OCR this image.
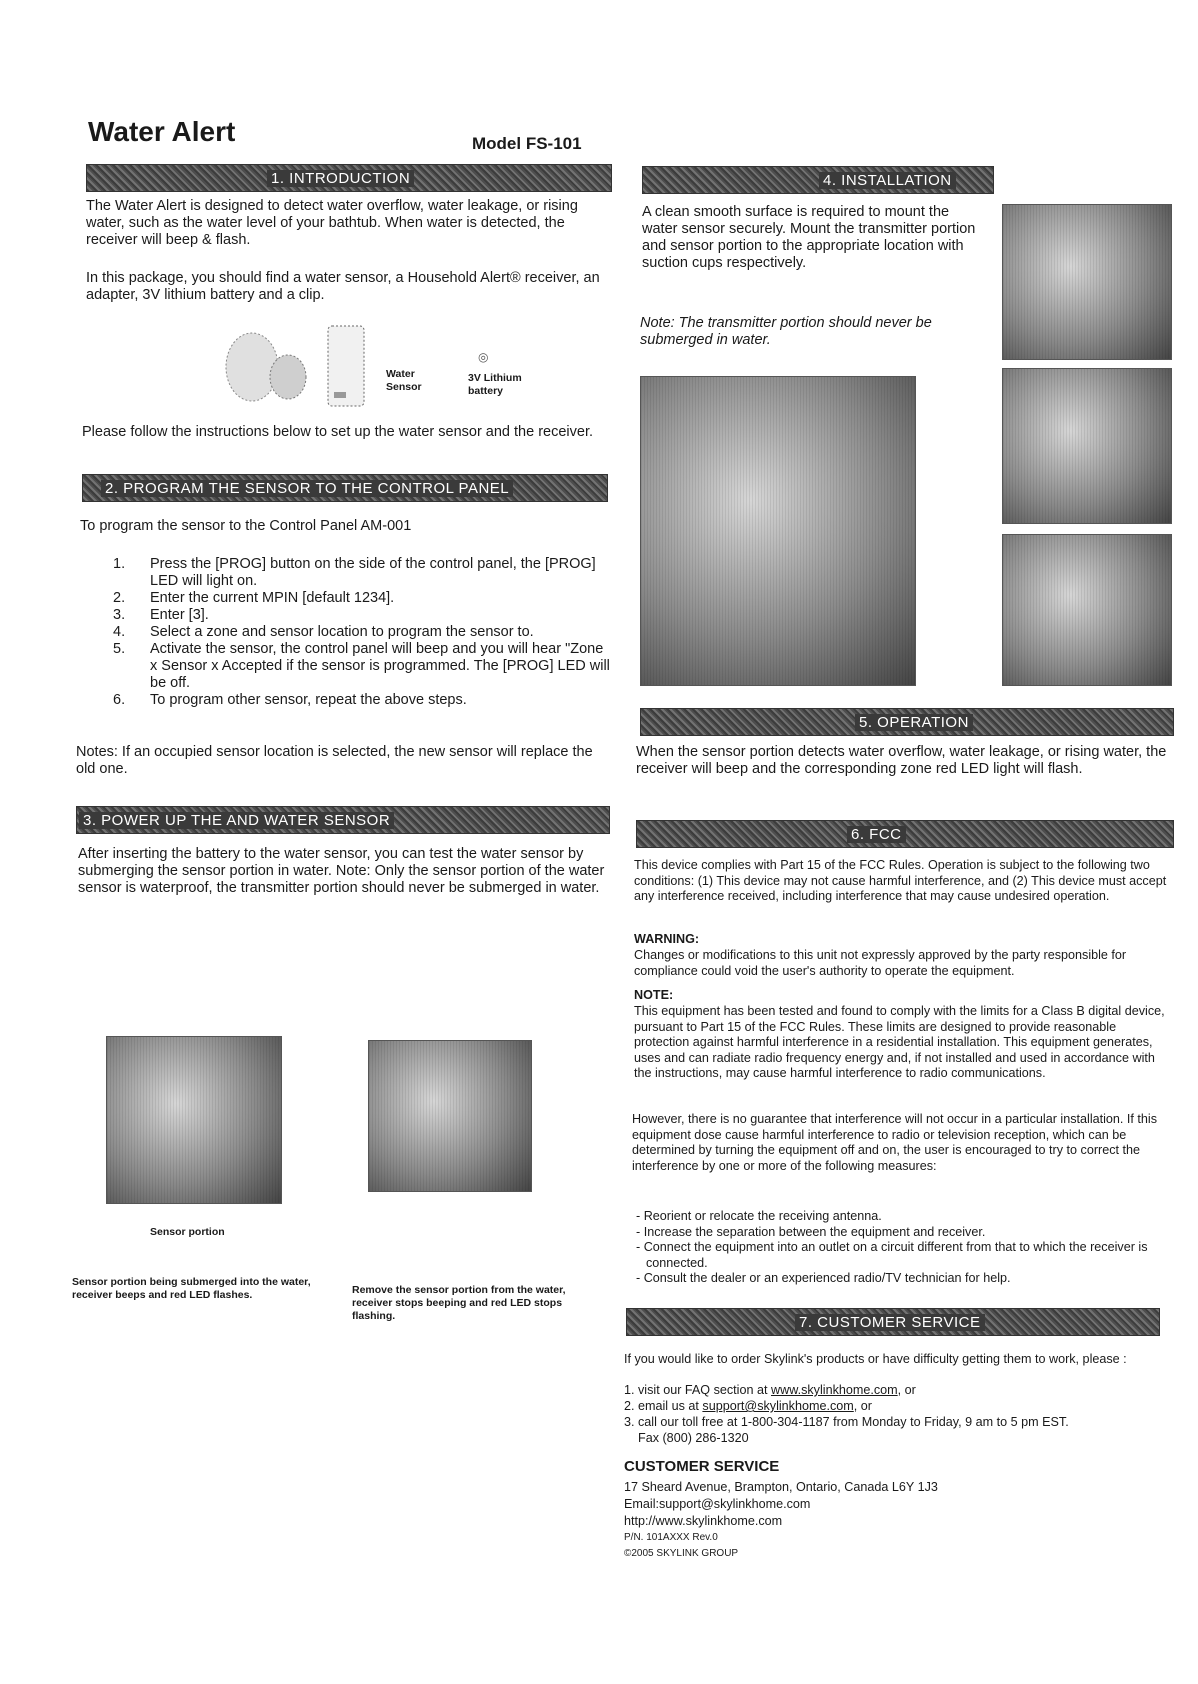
Water Alert	Model FS-101
1. INTRODUCTION
The Water Alert is designed to detect water overflow, water leakage, or rising water, such as the water level of your bathtub. When water is detected, the receiver will beep & flash.
In this package, you should find a water sensor, a Household Alert® receiver, an adapter, 3V lithium battery and a clip.
Water Sensor
◎
3V Lithium battery
Please follow the instructions below to set up the water sensor and the receiver.
2. PROGRAM THE SENSOR TO THE CONTROL PANEL
To program the sensor to the Control Panel AM-001
1. Press the [PROG] button on the side of the control panel, the [PROG] LED will light on.
2. Enter the current MPIN [default 1234].
3. Enter [3].
4. Select a zone and sensor location to program the sensor to.
5. Activate the sensor, the control panel will beep and you will hear "Zone x Sensor x Accepted if the sensor is programmed. The [PROG] LED will be off.
6. To program other sensor, repeat the above steps.
Notes: If an occupied sensor location is selected, the new sensor will replace the old one.
3. POWER UP THE AND WATER SENSOR
After inserting the battery to the water sensor, you can test the water sensor by submerging the sensor portion in water. Note: Only the sensor portion of the water sensor is waterproof, the transmitter portion should never be submerged in water.
Sensor portion
Sensor portion being submerged into the water, receiver beeps and red LED flashes.	Remove the sensor portion from the water, receiver stops beeping and red LED stops flashing.
4. INSTALLATION
A clean smooth surface is required to mount the water sensor securely. Mount the transmitter portion and sensor portion to the appropriate location with suction cups respectively.
Note: The transmitter portion should never be submerged in water.
5. OPERATION
When the sensor portion detects water overflow, water leakage, or rising water, the receiver will beep and the corresponding zone red LED light will flash.
6. FCC
This device complies with Part 15 of the FCC Rules. Operation is subject to the following two conditions: (1) This device may not cause harmful interference, and (2) This device must accept any interference received, including interference that may cause undesired operation.
WARNING:
Changes or modifications to this unit not expressly approved by the party responsible for compliance could void the user's authority to operate the equipment.
NOTE:
This equipment has been tested and found to comply with the limits for a Class B digital device, pursuant to Part 15 of the FCC Rules. These limits are designed to provide reasonable protection against harmful interference in a residential installation. This equipment generates, uses and can radiate radio frequency energy and, if not installed and used in accordance with the instructions, may cause harmful interference to radio communications.
However, there is no guarantee that interference will not occur in a particular installation. If this equipment dose cause harmful interference to radio or television reception, which can be determined by turning the equipment off and on, the user is encouraged to try to correct the interference by one or more of the following measures:
- Reorient or relocate the receiving antenna.
- Increase the separation between the equipment and receiver.
- Connect the equipment into an outlet on a circuit different from that to which the receiver is connected.
- Consult the dealer or an experienced radio/TV technician for help.
7. CUSTOMER SERVICE
If you would like to order Skylink's products or have difficulty getting them to work, please :
1. visit our FAQ section at www.skylinkhome.com, or
2. email us at support@skylinkhome.com, or
3. call our toll free at 1-800-304-1187 from Monday to Friday, 9 am to 5 pm EST.
Fax (800) 286-1320
CUSTOMER SERVICE
17 Sheard Avenue, Brampton, Ontario, Canada L6Y 1J3
Email:support@skylinkhome.com
http://www.skylinkhome.com
P/N. 101AXXX Rev.0
©2005 SKYLINK GROUP
